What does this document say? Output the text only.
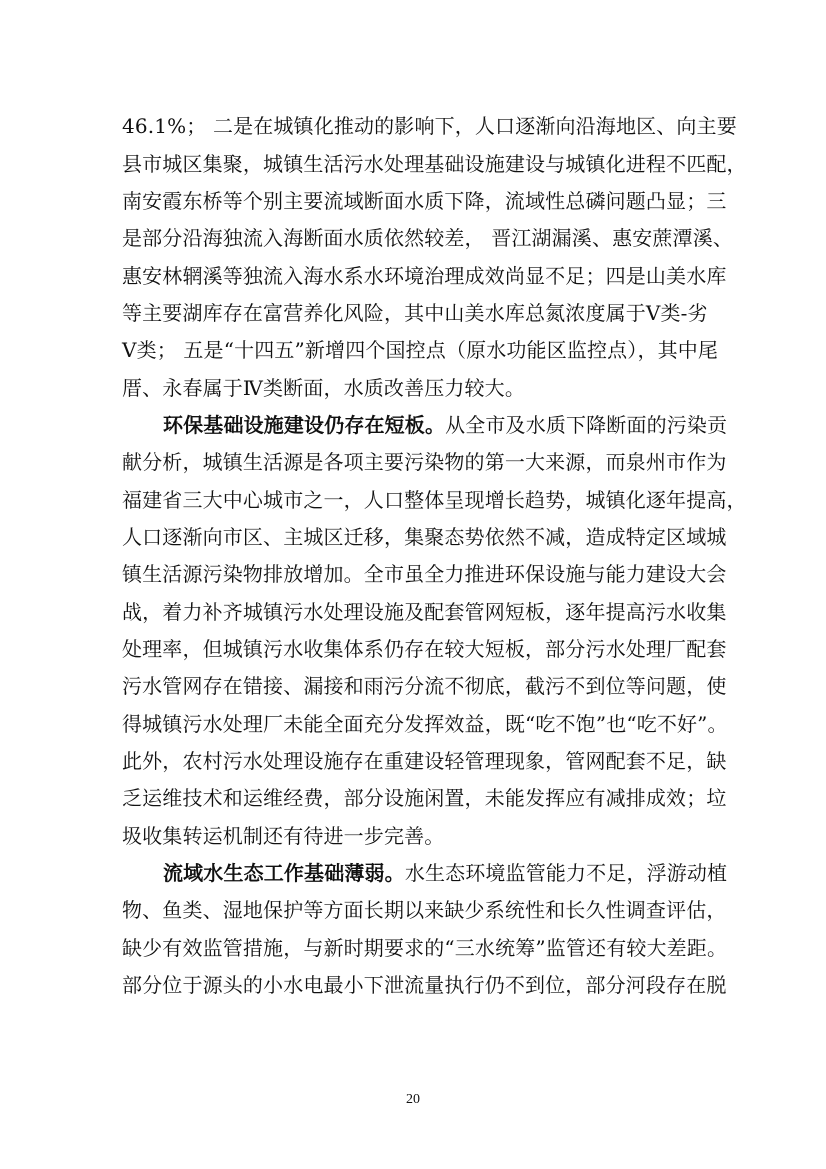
46.1%； 二是在城镇化推动的影响下，人口逐渐向沿海地区、向主要
县市城区集聚，城镇生活污水处理基础设施建设与城镇化进程不匹配，
南安霞东桥等个别主要流域断面水质下降，流域性总磷问题凸显；三
是部分沿海独流入海断面水质依然较差， 晋江湖漏溪、惠安蔗潭溪、
惠安林辋溪等独流入海水系水环境治理成效尚显不足；四是山美水库
等主要湖库存在富营养化风险，其中山美水库总氮浓度属于Ⅴ类-劣
Ⅴ类； 五是“十四五”新增四个国控点（原水功能区监控点），其中尾
厝、永春属于Ⅳ类断面，水质改善压力较大。
环保基础设施建设仍存在短板。从全市及水质下降断面的污染贡
献分析，城镇生活源是各项主要污染物的第一大来源，而泉州市作为
福建省三大中心城市之一，人口整体呈现增长趋势，城镇化逐年提高，
人口逐渐向市区、主城区迁移，集聚态势依然不减，造成特定区域城
镇生活源污染物排放增加。全市虽全力推进环保设施与能力建设大会
战，着力补齐城镇污水处理设施及配套管网短板，逐年提高污水收集
处理率，但城镇污水收集体系仍存在较大短板，部分污水处理厂配套
污水管网存在错接、漏接和雨污分流不彻底，截污不到位等问题，使
得城镇污水处理厂未能全面充分发挥效益，既“吃不饱”也“吃不好”。
此外，农村污水处理设施存在重建设轻管理现象，管网配套不足，缺
乏运维技术和运维经费，部分设施闲置，未能发挥应有减排成效；垃
圾收集转运机制还有待进一步完善。
流域水生态工作基础薄弱。水生态环境监管能力不足，浮游动植
物、鱼类、湿地保护等方面长期以来缺少系统性和长久性调查评估，
缺少有效监管措施，与新时期要求的“三水统筹”监管还有较大差距。
部分位于源头的小水电最小下泄流量执行仍不到位，部分河段存在脱
20
